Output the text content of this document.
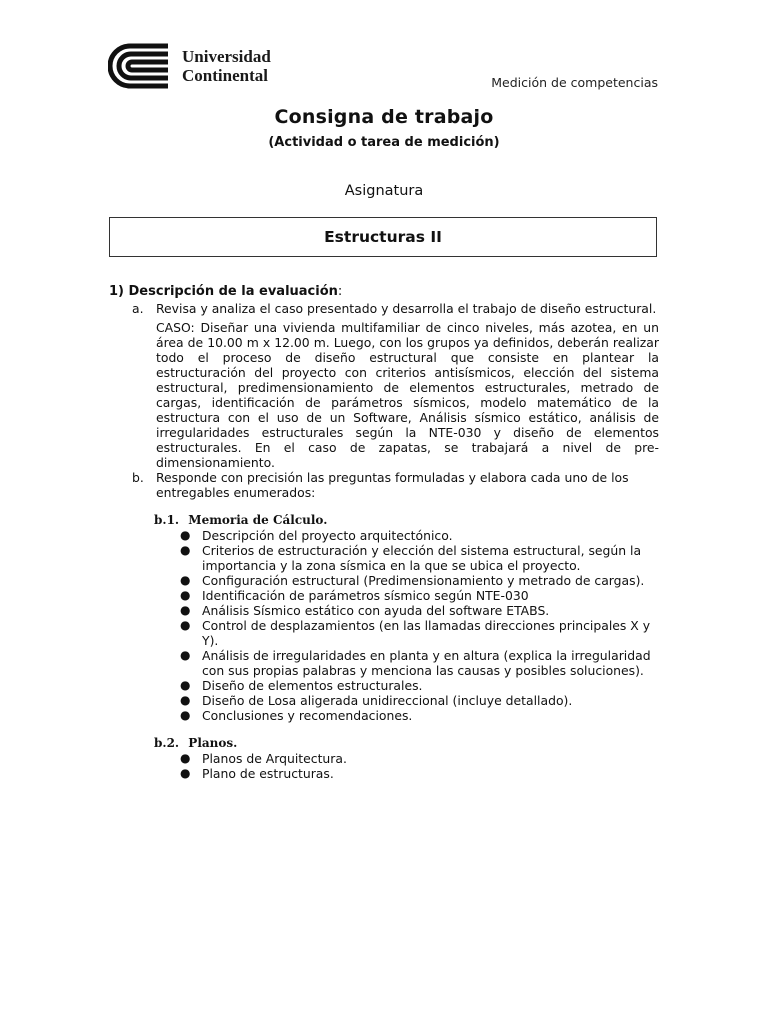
Universidad
Continental	Medición de competencias
Consigna de trabajo
(Actividad o tarea de medición)
Asignatura
Estructuras II
1) Descripción de la evaluación:
a. Revisa y analiza el caso presentado y desarrolla el trabajo de diseño estructural.
CASO: Diseñar una vivienda multifamiliar de cinco niveles, más azotea, en un
área de 10.00 m x 12.00 m. Luego, con los grupos ya definidos, deberán realizar
todo el proceso de diseño estructural que consiste en plantear la
estructuración del proyecto con criterios antisísmicos, elección del sistema
estructural, predimensionamiento de elementos estructurales, metrado de
cargas, identificación de parámetros sísmicos, modelo matemático de la
estructura con el uso de un Software, Análisis sísmico estático, análisis de
irregularidades estructurales según la NTE-030 y diseño de elementos
estructurales. En el caso de zapatas, se trabajará a nivel de pre-
dimensionamiento.
b. Responde con precisión las preguntas formuladas y elabora cada uno de los entregables enumerados:
b.1. Memoria de Cálculo.
● Descripción del proyecto arquitectónico.
● Criterios de estructuración y elección del sistema estructural, según la importancia y la zona sísmica en la que se ubica el proyecto.
● Configuración estructural (Predimensionamiento y metrado de cargas).
● Identificación de parámetros sísmico según NTE-030
● Análisis Sísmico estático con ayuda del software ETABS.
● Control de desplazamientos (en las llamadas direcciones principales X y Y).
● Análisis de irregularidades en planta y en altura (explica la irregularidad con sus propias palabras y menciona las causas y posibles soluciones).
● Diseño de elementos estructurales.
● Diseño de Losa aligerada unidireccional (incluye detallado).
● Conclusiones y recomendaciones.
b.2. Planos.
● Planos de Arquitectura.
● Plano de estructuras.
